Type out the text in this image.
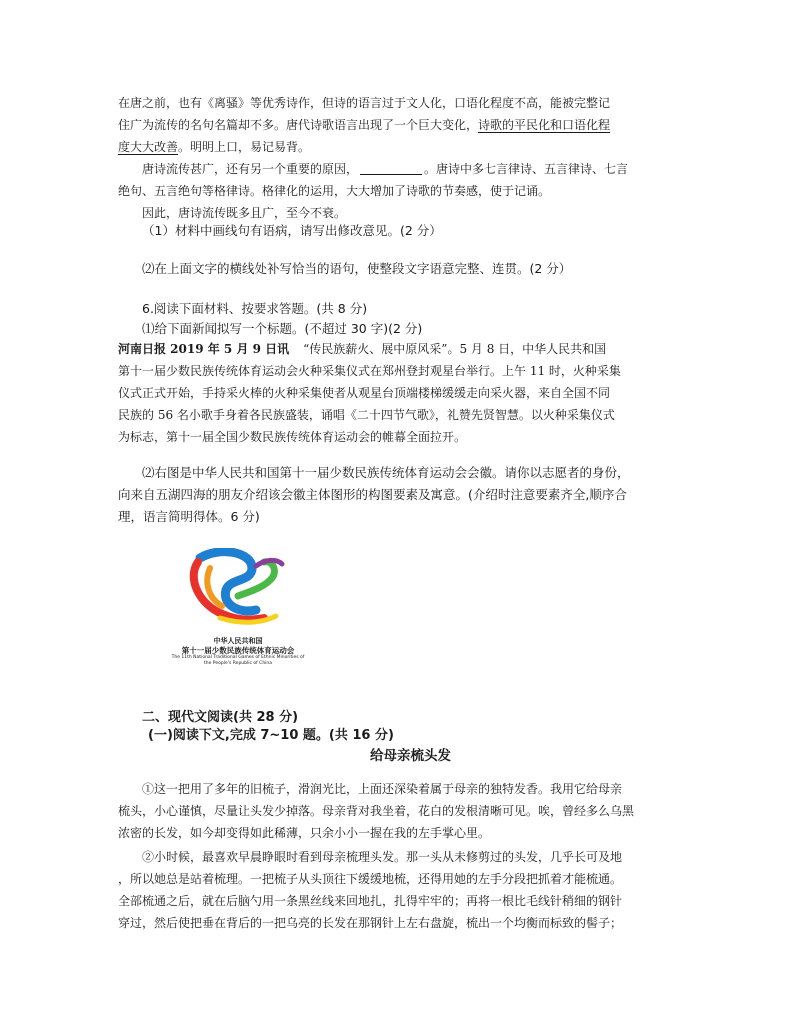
在唐之前，也有《离骚》等优秀诗作，但诗的语言过于文人化，口语化程度不高，能被完整记
住广为流传的名句名篇却不多。唐代诗歌语言出现了一个巨大变化，诗歌的平民化和口语化程
度大大改善。明明上口，易记易背。
唐诗流传甚广，还有另一个重要的原因，	。唐诗中多七言律诗、五言律诗、七言
绝句、五言绝句等格律诗。格律化的运用，大大增加了诗歌的节奏感，使于记诵。
因此，唐诗流传既多且广，至今不衰。
（1）材料中画线句有语病，请写出修改意见。(2 分）
⑵在上面文字的横线处补写恰当的语句，使整段文字语意完整、连贯。(2 分）
6.阅读下面材料、按要求答题。(共 8 分)
⑴给下面新闻拟写一个标题。(不超过 30 字)(2 分)
河南日报 2019 年 5 月 9 日讯 “传民族薪火、展中原风采”。5 月 8 日，中华人民共和国
第十一届少数民族传统体育运动会火种采集仪式在郑州登封观星台举行。上午 11 时，火种采集
仪式正式开始，手持采火棒的火种采集使者从观星台顶端楼梯缓缓走向采火器，来自全国不同
民族的 56 名小歌手身着各民族盛装，诵唱《二十四节气歌》，礼赞先贤智慧。以火种采集仪式
为标志，第十一届全国少数民族传统体育运动会的帷幕全面拉开。
⑵右图是中华人民共和国第十一届少数民族传统体育运动会会徽。请你以志愿者的身份，
向来自五湖四海的朋友介绍该会徽主体图形的构图要素及寓意。(介绍时注意要素齐全,顺序合
理，语言简明得体。6 分)
郑州
中华人民共和国
第十一届少数民族传统体育运动会
The 11th National Traditional Games of Ethnic Minorities of
the People's Republic of China
二、现代文阅读(共 28 分)
(一)阅读下文,完成 7~10 题。(共 16 分)
给母亲梳头发
①这一把用了多年的旧梳子，滑润光比，上面还深染着属于母亲的独特发香。我用它给母亲
梳头，小心谨慎，尽量让头发少掉落。母亲背对我坐着，花白的发根清晰可见。唉，曾经多么乌黑
浓密的长发，如今却变得如此稀薄，只余小小一握在我的左手掌心里。
②小时候，最喜欢早晨睁眼时看到母亲梳理头发。那一头从未修剪过的头发，几乎长可及地
，所以她总是站着梳理。一把梳子从头顶往下缓缓地梳，还得用她的左手分段把抓着才能梳通。
全部梳通之后，就在后脑勺用一条黑丝线来回地扎，扎得牢牢的；再将一根比毛线针稍细的钢针
穿过，然后使把垂在背后的一把乌亮的长发在那钢针上左右盘旋，梳出一个均衡而标致的髻子；
